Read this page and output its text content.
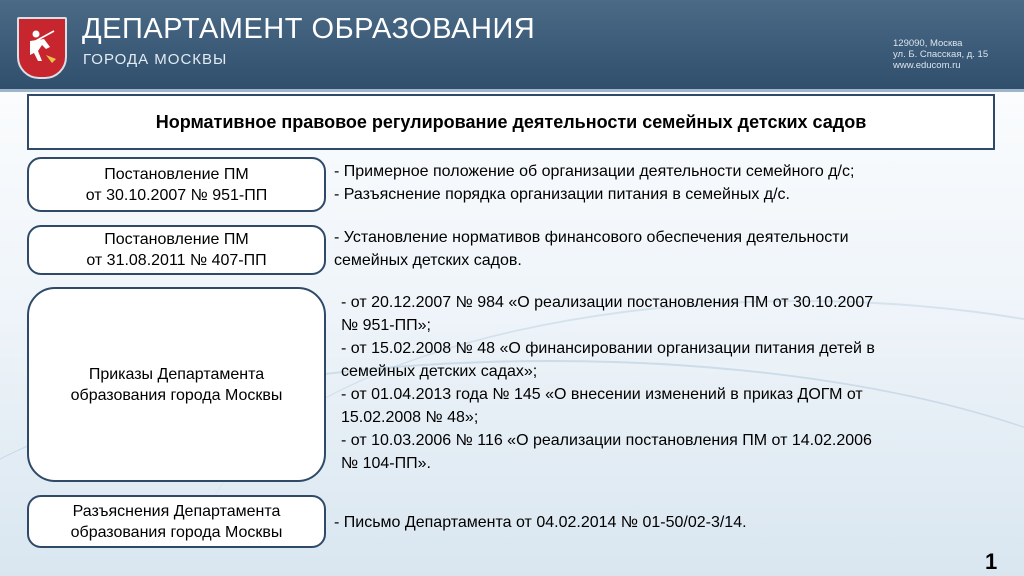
ДЕПАРТАМЕНТ ОБРАЗОВАНИЯ
ГОРОДА МОСКВЫ
129090, Москва
ул. Б. Спасская, д. 15
www.educom.ru
Нормативное правовое регулирование деятельности семейных детских садов
Постановление ПМ
от 30.10.2007 № 951-ПП
- Примерное положение об организации деятельности семейного д/с;
- Разъяснение порядка организации питания в семейных д/с.
Постановление ПМ
от 31.08.2011 № 407-ПП
- Установление нормативов финансового обеспечения деятельности
семейных детских садов.
Приказы Департамента
образования города Москвы
- от 20.12.2007 № 984 «О реализации постановления ПМ от 30.10.2007
№ 951-ПП»;
- от 15.02.2008 № 48 «О финансировании организации питания детей в
семейных детских садах»;
- от 01.04.2013 года № 145 «О внесении изменений в приказ ДОГМ от
15.02.2008 № 48»;
- от 10.03.2006 № 116 «О реализации постановления ПМ от 14.02.2006
№ 104-ПП».
Разъяснения Департамента
образования города Москвы
- Письмо Департамента от 04.02.2014 № 01-50/02-3/14.
1
